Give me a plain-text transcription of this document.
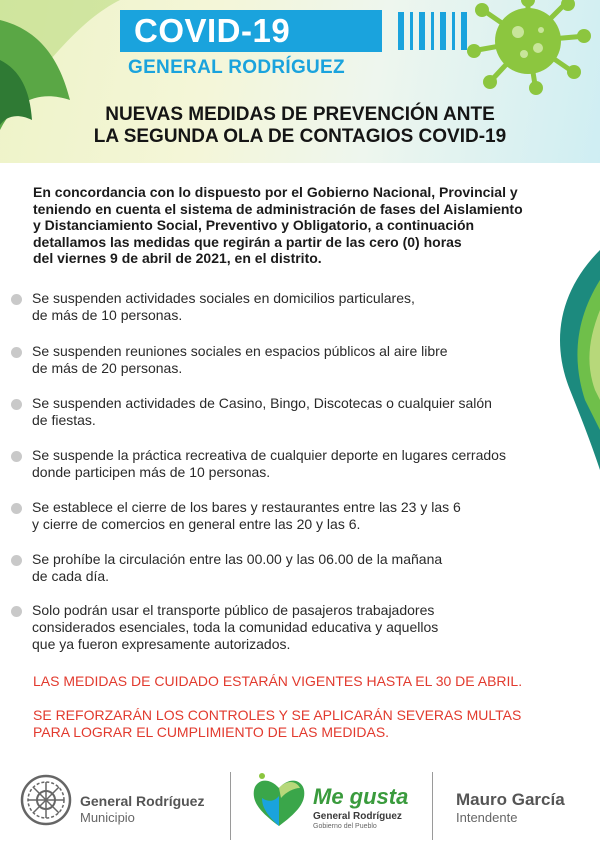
COVID-19
GENERAL RODRÍGUEZ
NUEVAS MEDIDAS DE PREVENCIÓN ANTE
LA SEGUNDA OLA DE CONTAGIOS COVID-19
En concordancia con lo dispuesto por el Gobierno Nacional, Provincial y
teniendo en cuenta el sistema de administración de fases del Aislamiento
y Distanciamiento Social, Preventivo y Obligatorio, a continuación
detallamos las medidas que regirán a partir de las cero (0) horas
del viernes 9 de abril de 2021, en el distrito.
Se suspenden actividades sociales en domicilios particulares,
de más de 10 personas.
Se suspenden reuniones sociales en espacios públicos al aire libre
de más de 20 personas.
Se suspenden actividades de Casino, Bingo, Discotecas o cualquier salón
de fiestas.
Se suspende la práctica recreativa de cualquier deporte en lugares cerrados
donde participen más de 10 personas.
Se establece el cierre de los bares y restaurantes entre las 23 y las 6
y cierre de comercios en general entre las 20 y las 6.
Se prohíbe la circulación entre las 00.00 y las 06.00 de la mañana
de cada día.
Solo podrán usar el transporte público de pasajeros trabajadores
considerados esenciales, toda la comunidad educativa y aquellos
que ya fueron expresamente autorizados.
LAS MEDIDAS DE CUIDADO ESTARÁN VIGENTES HASTA EL 30 DE ABRIL.
SE REFORZARÁN LOS CONTROLES Y SE APLICARÁN SEVERAS MULTAS
PARA LOGRAR EL CUMPLIMIENTO DE LAS MEDIDAS.
General Rodríguez
Municipio
Me gusta
General Rodríguez
Gobierno del Pueblo
Mauro García
Intendente
